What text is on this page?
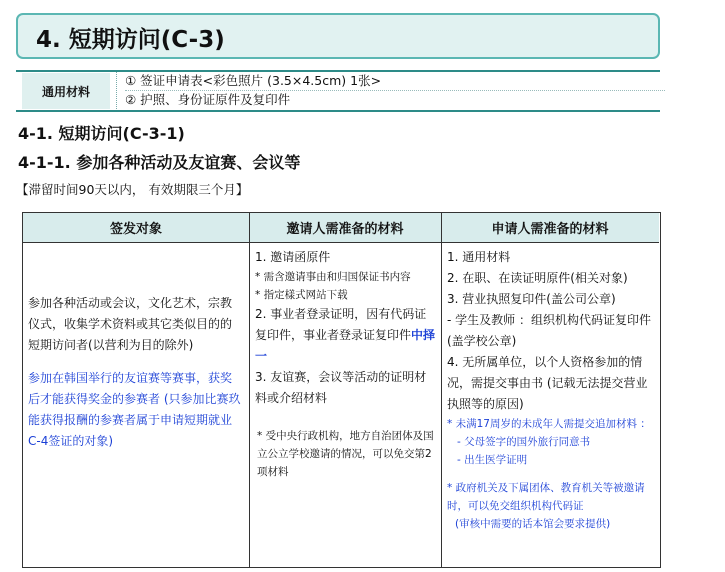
4. 短期访问(C-3)
通用材料
① 签证申请表<彩色照片 (3.5×4.5cm) 1张>
② 护照、身份证原件及复印件
4-1. 短期访问(C-3-1)
4-1-1. 参加各种活动及友谊赛、会议等
【滞留时间90天以内， 有效期限三个月】
签发对象	邀请人需准备的材料	申请人需准备的材料

参加各种活动或会议，文化艺术，宗教仪式，收集学术资料或其它类似目的的短期访问者(以营利为目的除外)

参加在韩国举行的友谊赛等赛事，获奖后才能获得奖金的参赛者 (只参加比赛玖能获得报酬的参赛者属于申请短期就业C-4签证的对象)

1. 邀请函原件

* 需含邀请事由和归国保证书内容

* 指定樣式网站下载

2. 事业者登录证明，因有代码证复印件，事业者登录证复印件中择一

3. 友谊赛，会议等活动的证明材料或介绍材料

* 受中央行政机构，地方自治团体及国立公立学校邀请的情况，可以免交第2项材料

1. 通用材料

2. 在职、在读证明原件(相关对象)

3. 营业执照复印件(盖公司公章)

- 学生及教师 ：组织机构代码证复印件(盖学校公章)

4. 无所属单位，以个人资格参加的情况，需提交事由书 (记载无法提交营业执照等的原因)

* 未满17周岁的未成年人需提交追加材料 ：

- 父母签字的国外旅行同意书

- 出生医学证明

* 政府机关及下属团体、教育机关等被邀请时，可以免交组织机构代码证

(审核中需要的话本馆会要求提供)
